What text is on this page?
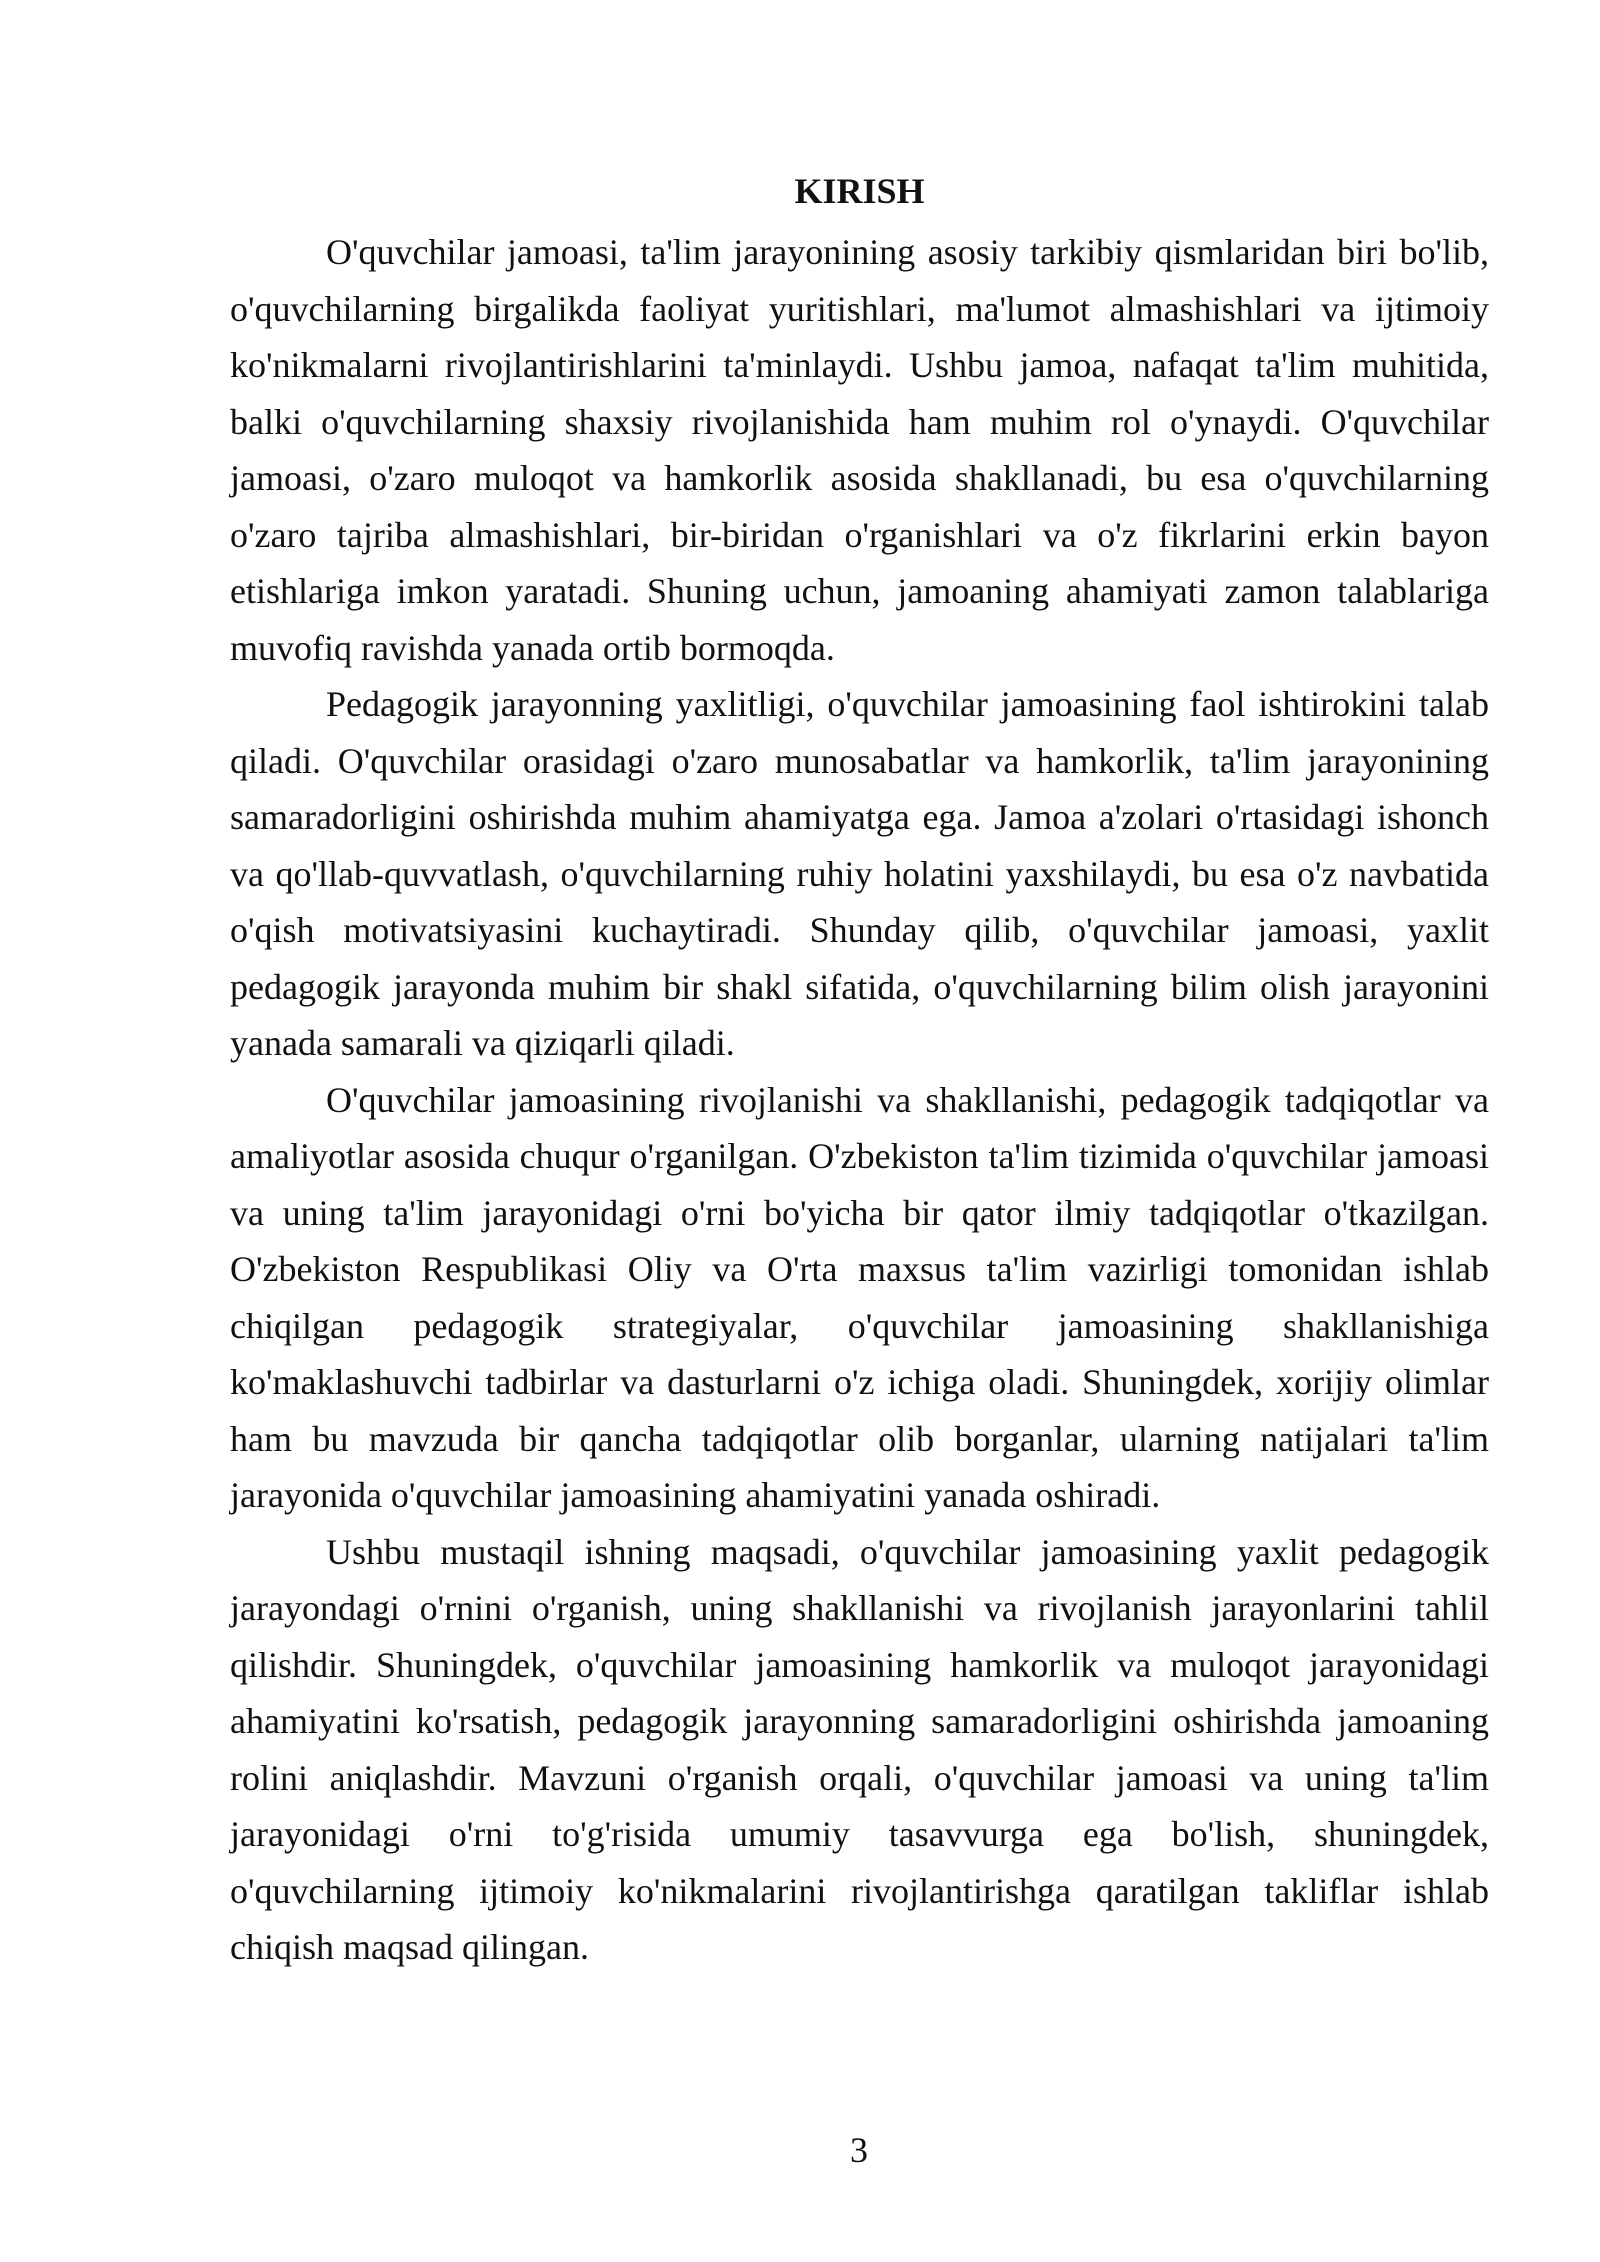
KIRISH

O'quvchilar jamoasi, ta'lim jarayonining asosiy tarkibiy qismlaridan biri bo'lib, o'quvchilarning birgalikda faoliyat yuritishlari, ma'lumot almashishlari va ijtimoiy ko'nikmalarni rivojlantirishlarini ta'minlaydi. Ushbu jamoa, nafaqat ta'lim muhitida, balki o'quvchilarning shaxsiy rivojlanishida ham muhim rol o'ynaydi. O'quvchilar jamoasi, o'zaro muloqot va hamkorlik asosida shakllanadi, bu esa o'quvchilarning o'zaro tajriba almashishlari, bir-biridan o'rganishlari va o'z fikrlarini erkin bayon etishlariga imkon yaratadi. Shuning uchun, jamoaning ahamiyati zamon talablariga muvofiq ravishda yanada ortib bormoqda.

Pedagogik jarayonning yaxlitligi, o'quvchilar jamoasining faol ishtirokini talab qiladi. O'quvchilar orasidagi o'zaro munosabatlar va hamkorlik, ta'lim jarayonining samaradorligini oshirishda muhim ahamiyatga ega. Jamoa a'zolari o'rtasidagi ishonch va qo'llab-quvvatlash, o'quvchilarning ruhiy holatini yaxshilaydi, bu esa o'z navbatida o'qish motivatsiyasini kuchaytiradi. Shunday qilib, o'quvchilar jamoasi, yaxlit pedagogik jarayonda muhim bir shakl sifatida, o'quvchilarning bilim olish jarayonini yanada samarali va qiziqarli qiladi.

O'quvchilar jamoasining rivojlanishi va shakllanishi, pedagogik tadqiqotlar va amaliyotlar asosida chuqur o'rganilgan. O'zbekiston ta'lim tizimida o'quvchilar jamoasi va uning ta'lim jarayonidagi o'rni bo'yicha bir qator ilmiy tadqiqotlar o'tkazilgan. O'zbekiston Respublikasi Oliy va O'rta maxsus ta'lim vazirligi tomonidan ishlab chiqilgan pedagogik strategiyalar, o'quvchilar jamoasining shakllanishiga ko'maklashuvchi tadbirlar va dasturlarni o'z ichiga oladi. Shuningdek, xorijiy olimlar ham bu mavzuda bir qancha tadqiqotlar olib borganlar, ularning natijalari ta'lim jarayonida o'quvchilar jamoasining ahamiyatini yanada oshiradi.

Ushbu mustaqil ishning maqsadi, o'quvchilar jamoasining yaxlit pedagogik jarayondagi o'rnini o'rganish, uning shakllanishi va rivojlanish jarayonlarini tahlil qilishdir. Shuningdek, o'quvchilar jamoasining hamkorlik va muloqot jarayonidagi ahamiyatini ko'rsatish, pedagogik jarayonning samaradorligini oshirishda jamoaning rolini aniqlashdir. Mavzuni o'rganish orqali, o'quvchilar jamoasi va uning ta'lim jarayonidagi o'rni to'g'risida umumiy tasavvurga ega bo'lish, shuningdek, o'quvchilarning ijtimoiy ko'nikmalarini rivojlantirishga qaratilgan takliflar ishlab chiqish maqsad qilingan.

3
